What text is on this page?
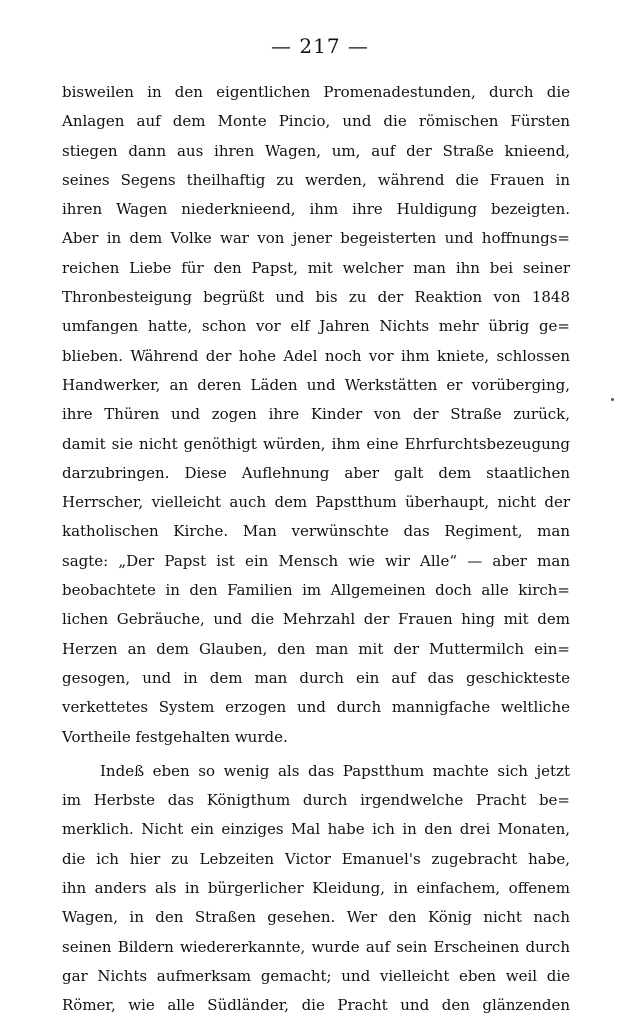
— 217 —
bisweilen in den eigentlichen Promenadestunden, durch die
Anlagen auf dem Monte Pincio, und die römischen Fürsten
stiegen dann aus ihren Wagen, um, auf der Straße knieend,
seines Segens theilhaftig zu werden, während die Frauen in
ihren Wagen niederknieend, ihm ihre Huldigung bezeigten.
Aber in dem Volke war von jener begeisterten und hoffnungs=
reichen Liebe für den Papst, mit welcher man ihn bei seiner
Thronbesteigung begrüßt und bis zu der Reaktion von 1848
umfangen hatte, schon vor elf Jahren Nichts mehr übrig ge=
blieben. Während der hohe Adel noch vor ihm kniete, schlossen
Handwerker, an deren Läden und Werkstätten er vorüberging,
ihre Thüren und zogen ihre Kinder von der Straße zurück,
damit sie nicht genöthigt würden, ihm eine Ehrfurchtsbezeugung
darzubringen. Diese Auflehnung aber galt dem staatlichen
Herrscher, vielleicht auch dem Papstthum überhaupt, nicht der
katholischen Kirche. Man verwünschte das Regiment, man
sagte: „Der Papst ist ein Mensch wie wir Alle“ — aber man
beobachtete in den Familien im Allgemeinen doch alle kirch=
lichen Gebräuche, und die Mehrzahl der Frauen hing mit dem
Herzen an dem Glauben, den man mit der Muttermilch ein=
gesogen, und in dem man durch ein auf das geschickteste
verkettetes System erzogen und durch mannigfache weltliche
Vortheile festgehalten wurde.
Indeß eben so wenig als das Papstthum machte sich jetzt
im Herbste das Königthum durch irgendwelche Pracht be=
merklich. Nicht ein einziges Mal habe ich in den drei Monaten,
die ich hier zu Lebzeiten Victor Emanuel's zugebracht habe,
ihn anders als in bürgerlicher Kleidung, in einfachem, offenem
Wagen, in den Straßen gesehen. Wer den König nicht nach
seinen Bildern wiedererkannte, wurde auf sein Erscheinen durch
gar Nichts aufmerksam gemacht; und vielleicht eben weil die
Römer, wie alle Südländer, die Pracht und den glänzenden
